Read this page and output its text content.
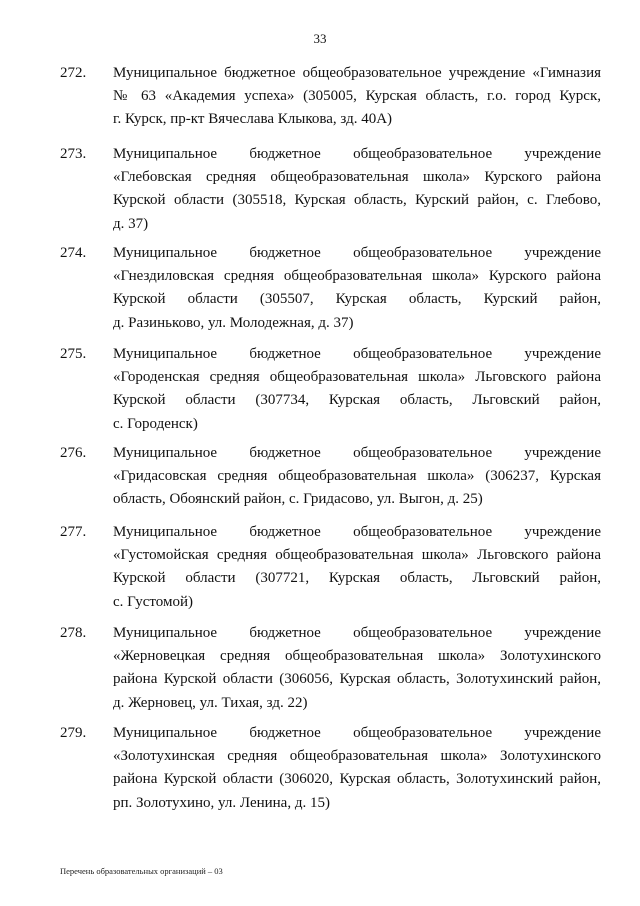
33
272. Муниципальное бюджетное общеобразовательное учреждение «Гимназия
№ 63 «Академия успеха» (305005, Курская область, г.о. город Курск,
г. Курск, пр-кт Вячеслава Клыкова, зд. 40А)
273. Муниципальное бюджетное общеобразовательное учреждение
«Глебовская средняя общеобразовательная школа» Курского района
Курской области (305518, Курская область, Курский район, с. Глебово,
д. 37)
274. Муниципальное бюджетное общеобразовательное учреждение
«Гнездиловская средняя общеобразовательная школа» Курского района
Курской области (305507, Курская область, Курский район,
д. Разиньково, ул. Молодежная, д. 37)
275. Муниципальное бюджетное общеобразовательное учреждение
«Городенская средняя общеобразовательная школа» Льговского района
Курской области (307734, Курская область, Льговский район,
с. Городенск)
276. Муниципальное бюджетное общеобразовательное учреждение
«Гридасовская средняя общеобразовательная школа» (306237, Курская
область, Обоянский район, с. Гридасово, ул. Выгон, д. 25)
277. Муниципальное бюджетное общеобразовательное учреждение
«Густомойская средняя общеобразовательная школа» Льговского района
Курской области (307721, Курская область, Льговский район,
с. Густомой)
278. Муниципальное бюджетное общеобразовательное учреждение
«Жерновецкая средняя общеобразовательная школа» Золотухинского
района Курской области (306056, Курская область, Золотухинский район,
д. Жерновец, ул. Тихая, зд. 22)
279. Муниципальное бюджетное общеобразовательное учреждение
«Золотухинская средняя общеобразовательная школа» Золотухинского
района Курской области (306020, Курская область, Золотухинский район,
рп. Золотухино, ул. Ленина, д. 15)
Перечень образовательных организаций – 03
